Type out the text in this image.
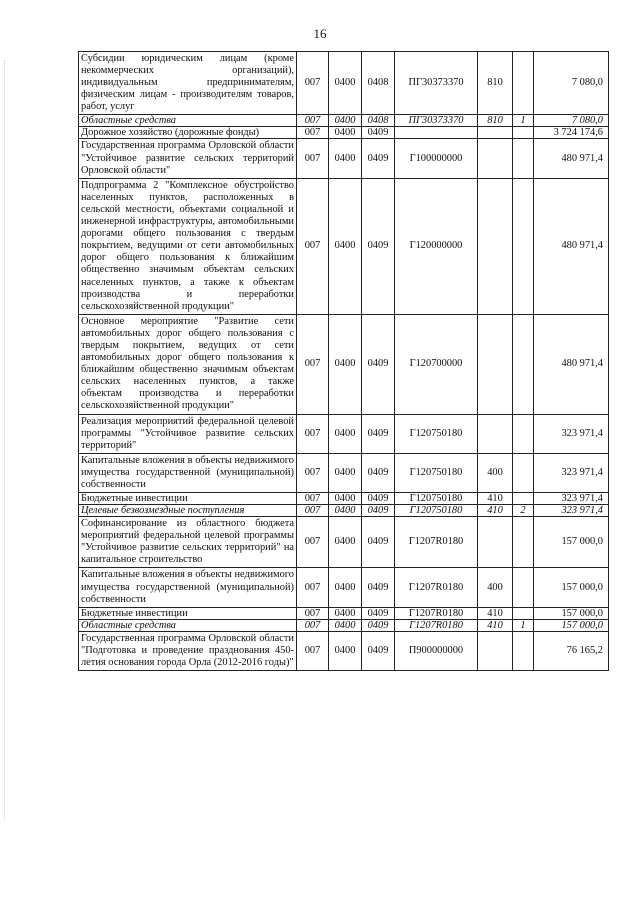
16
Субсидии юридическим лицам (кроме некоммерческих организаций), индивидуальным предпринимателям, физическим лицам - производителям товаров, работ, услуг	007	0400	0408	ПГ30373370	810		7 080,0
Областные средства	007	0400	0408	ПГ30373370	810	1	7 080,0
Дорожное хозяйство (дорожные фонды)	007	0400	0409				3 724 174,6
Государственная программа Орловской области "Устойчивое развитие сельских территорий Орловской области"	007	0400	0409	Г100000000			480 971,4
Подпрограмма 2 "Комплексное обустройство населенных пунктов, расположенных в сельской местности, объектами социальной и инженерной инфраструктуры, автомобильными дорогами общего пользования с твердым покрытием, ведущими от сети автомобильных дорог общего пользования к ближайшим общественно значимым объектам сельских населенных пунктов, а также к объектам производства и переработки сельскохозяйственной продукции"	007	0400	0409	Г120000000			480 971,4
Основное мероприятие "Развитие сети автомобильных дорог общего пользования с твердым покрытием, ведущих от сети автомобильных дорог общего пользования к ближайшим общественно значимым объектам сельских населенных пунктов, а также объектам производства и переработки сельскохозяйственной продукции"	007	0400	0409	Г120700000			480 971,4
Реализация мероприятий федеральной целевой программы "Устойчивое развитие сельских территорий"	007	0400	0409	Г120750180			323 971,4
Капитальные вложения в объекты недвижимого имущества государственной (муниципальной) собственности	007	0400	0409	Г120750180	400		323 971,4
Бюджетные инвестиции	007	0400	0409	Г120750180	410		323 971,4
Целевые безвозмездные поступления	007	0400	0409	Г120750180	410	2	323 971,4
Софинансирование из областного бюджета мероприятий федеральной целевой программы "Устойчивое развитие сельских территорий" на капитальное строительство	007	0400	0409	Г1207R0180			157 000,0
Капитальные вложения в объекты недвижимого имущества государственной (муниципальной) собственности	007	0400	0409	Г1207R0180	400		157 000,0
Бюджетные инвестиции	007	0400	0409	Г1207R0180	410		157 000,0
Областные средства	007	0400	0409	Г1207R0180	410	1	157 000,0
Государственная программа Орловской области "Подготовка и проведение празднования 450-летия основания города Орла (2012-2016 годы)"	007	0400	0409	П900000000			76 165,2
